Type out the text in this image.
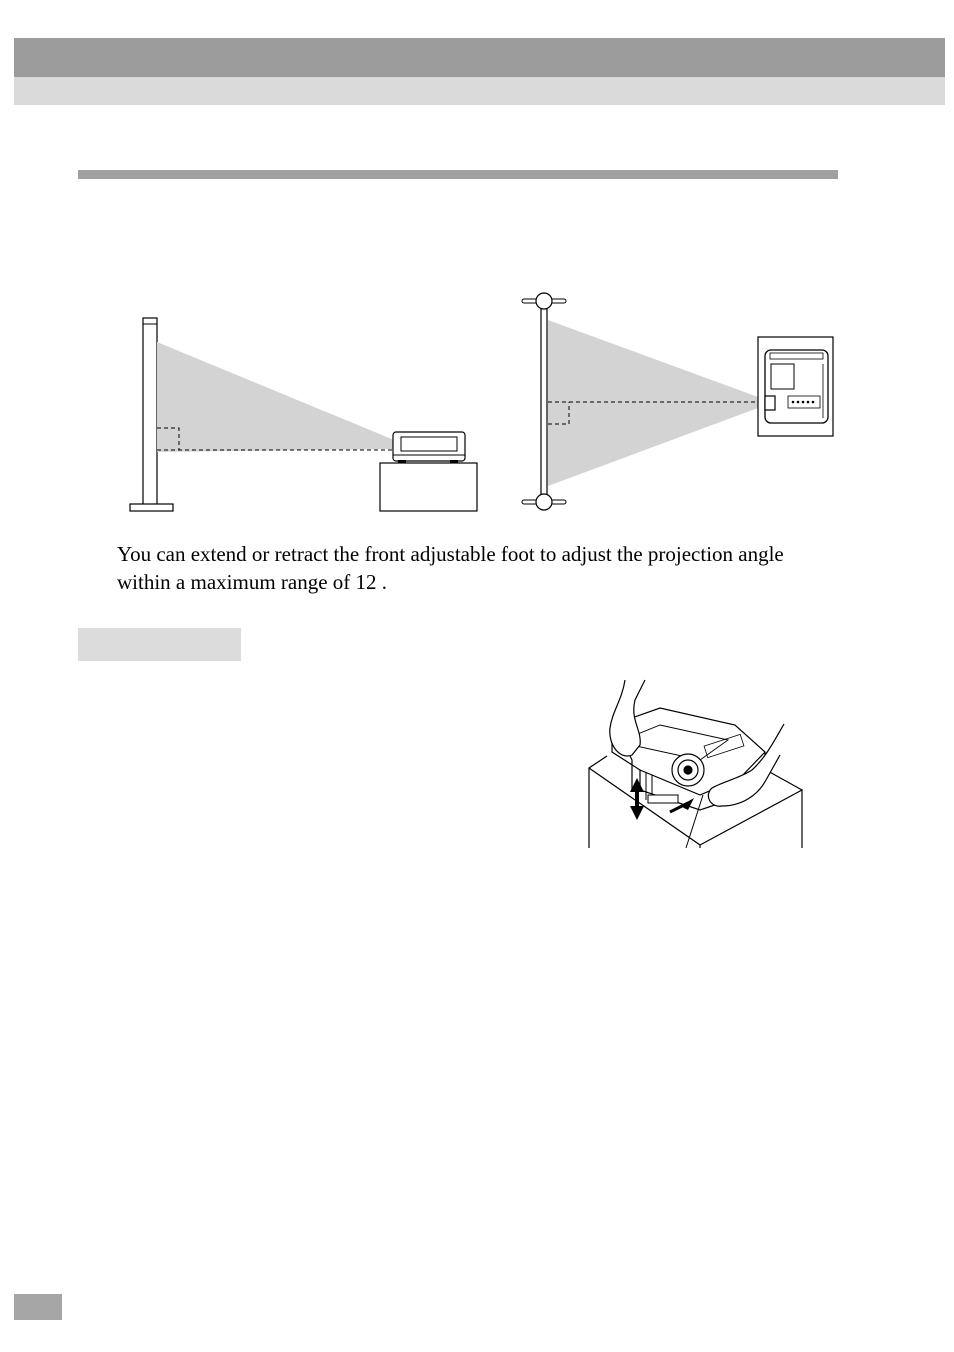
You can extend or retract the front adjustable foot to adjust the projection angle
within a maximum range of 12 .
